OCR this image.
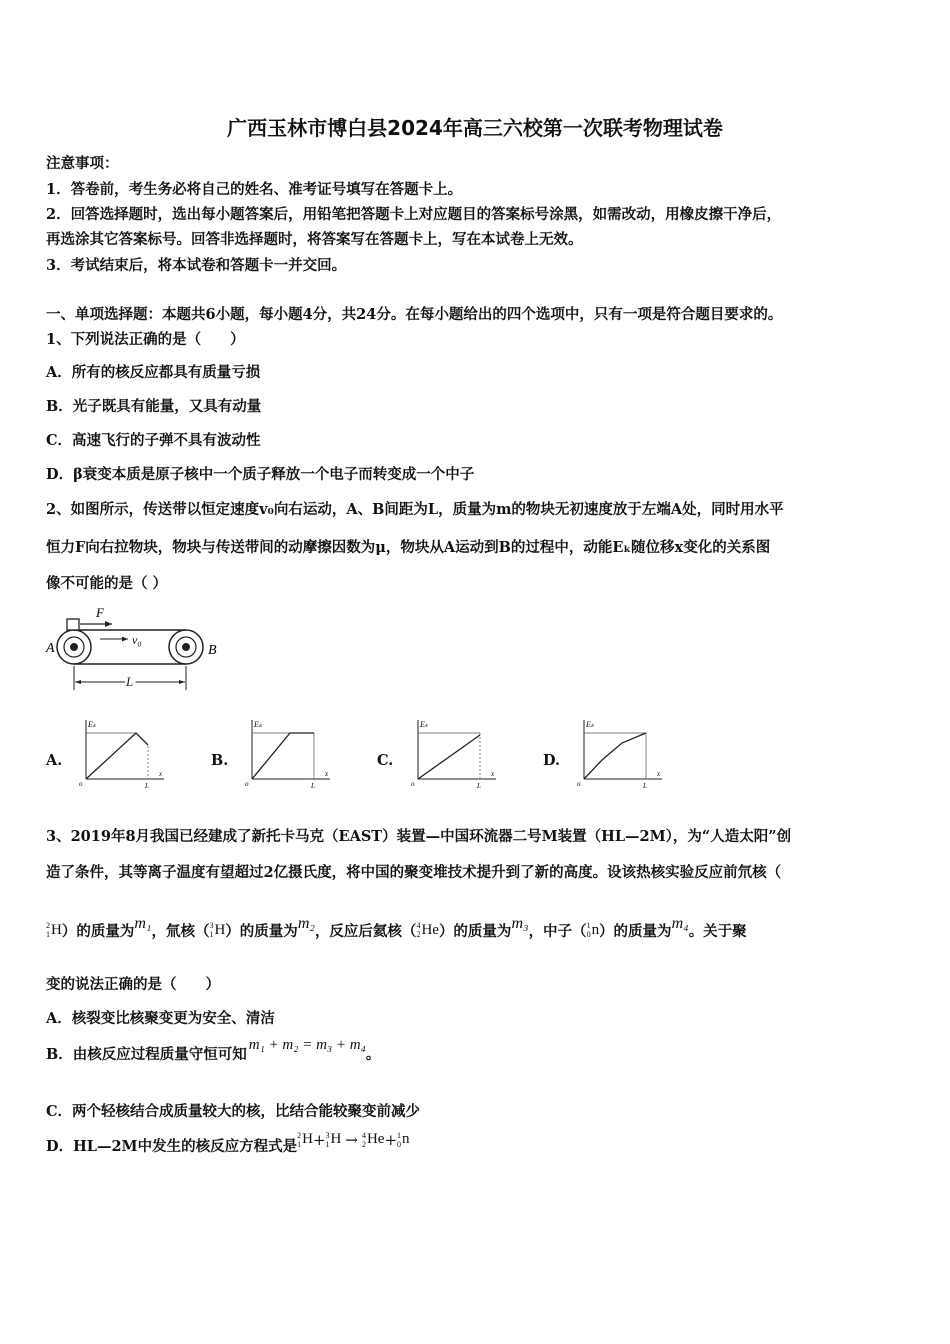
广西玉林市博白县2024年高三六校第一次联考物理试卷
注意事项：
1．答卷前，考生务必将自己的姓名、准考证号填写在答题卡上。
2．回答选择题时，选出每小题答案后，用铅笔把答题卡上对应题目的答案标号涂黑，如需改动，用橡皮擦干净后，
再选涂其它答案标号。回答非选择题时，将答案写在答题卡上，写在本试卷上无效。
3．考试结束后，将本试卷和答题卡一并交回。
一、单项选择题：本题共6小题，每小题4分，共24分。在每小题给出的四个选项中，只有一项是符合题目要求的。
1、下列说法正确的是（　　）
A．所有的核反应都具有质量亏损
B．光子既具有能量，又具有动量
C．高速飞行的子弹不具有波动性
D．β衰变本质是原子核中一个质子释放一个电子而转变成一个中子
2、如图所示，传送带以恒定速度v₀向右运动，A、B间距为L，质量为m的物块无初速度放于左端A处，同时用水平
恒力F向右拉物块，物块与传送带间的动摩擦因数为μ，物块从A运动到B的过程中，动能Eₖ随位移x变化的关系图
像不可能的是（ ）
F
v₀
A	B
L
A.	B.	C.	D.
Eₖ
o
x
L
Eₖ
o
x
L
Eₖ
o
x
L
Eₖ
o
x
L
3、2019年8月我国已经建成了新托卡马克（EAST）装置—中国环流器二号M装置（HL—2M），为“人造太阳”创
造了条件，其等离子温度有望超过2亿摄氏度，将中国的聚变堆技术提升到了新的高度。设该热核实验反应前氘核（
2
1 H ）的质量为 m₁ ，氚核（ 3
1 H ）的质量为 m₂ ，反应后氦核（ 4
2 He ）的质量为 m₃ ，中子（ 1
0 n ）的质量为 m₄ 。关于聚
变的说法正确的是（　　）
A．核裂变比核聚变更为安全、清洁
B．由核反应过程质量守恒可知
m₁ + m₂ = m₃ + m₄
。
C．两个轻核结合成质量较大的核，比结合能较聚变前减少
D．HL—2M中发生的核反应方程式是
2
1 H + 3
1 H → 4
2 He + 1
0 n
